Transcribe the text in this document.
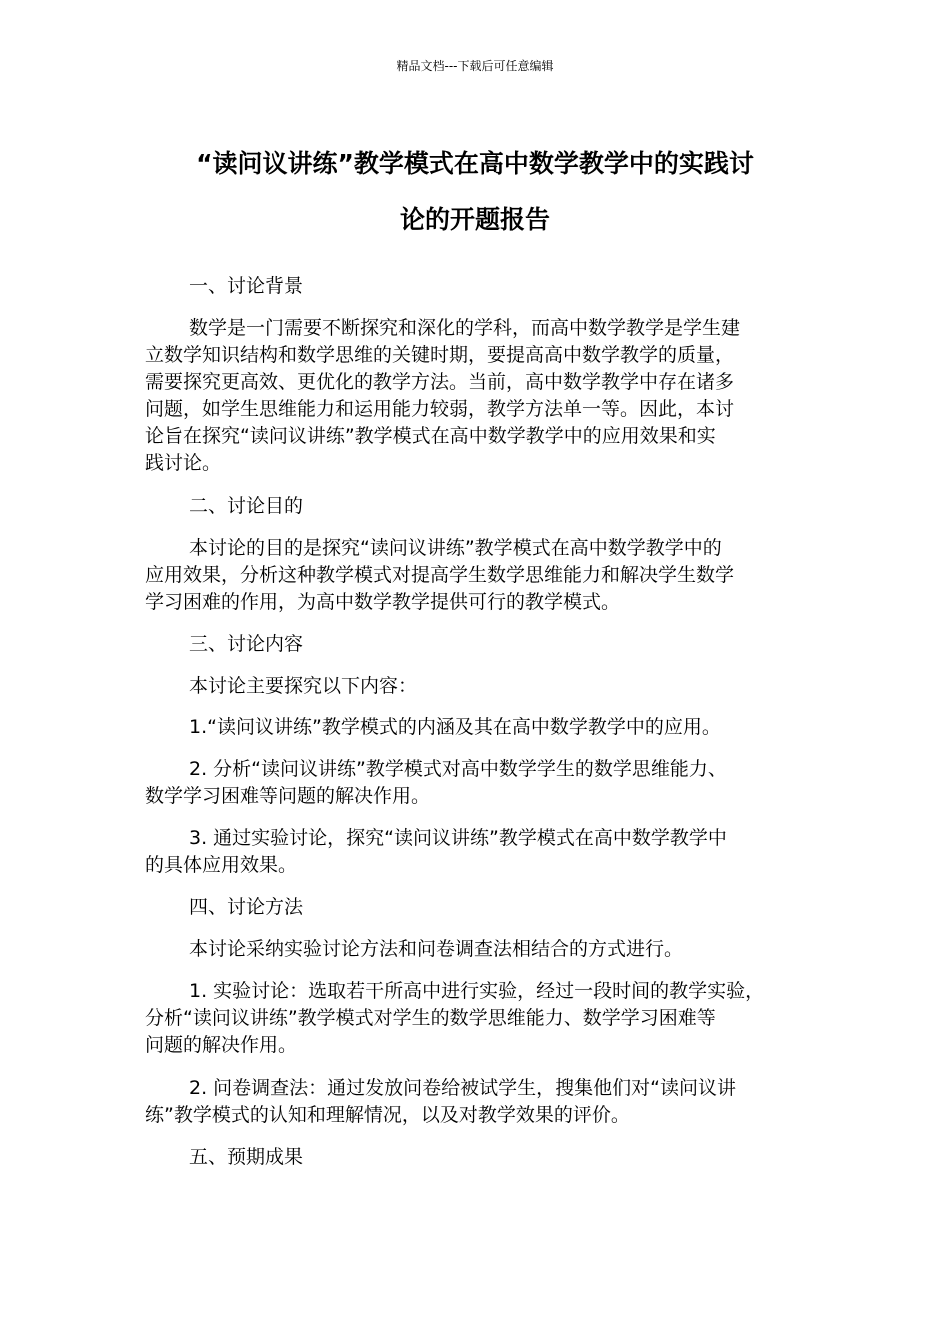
精品文档---下载后可任意编辑
“读问议讲练”教学模式在高中数学教学中的实践讨
论的开题报告

一、讨论背景

数学是一门需要不断探究和深化的学科，而高中数学教学是学生建
立数学知识结构和数学思维的关键时期，要提高高中数学教学的质量，
需要探究更高效、更优化的教学方法。当前，高中数学教学中存在诸多
问题，如学生思维能力和运用能力较弱，教学方法单一等。因此，本讨
论旨在探究“读问议讲练”教学模式在高中数学教学中的应用效果和实
践讨论。

二、讨论目的

本讨论的目的是探究“读问议讲练”教学模式在高中数学教学中的
应用效果，分析这种教学模式对提高学生数学思维能力和解决学生数学
学习困难的作用，为高中数学教学提供可行的教学模式。

三、讨论内容

本讨论主要探究以下内容：

1.“读问议讲练”教学模式的内涵及其在高中数学教学中的应用。

2. 分析“读问议讲练”教学模式对高中数学学生的数学思维能力、
数学学习困难等问题的解决作用。

3. 通过实验讨论，探究“读问议讲练”教学模式在高中数学教学中
的具体应用效果。

四、讨论方法

本讨论采纳实验讨论方法和问卷调查法相结合的方式进行。

1. 实验讨论：选取若干所高中进行实验，经过一段时间的教学实验，
分析“读问议讲练”教学模式对学生的数学思维能力、数学学习困难等
问题的解决作用。

2. 问卷调查法：通过发放问卷给被试学生，搜集他们对“读问议讲
练”教学模式的认知和理解情况，以及对教学效果的评价。

五、预期成果
